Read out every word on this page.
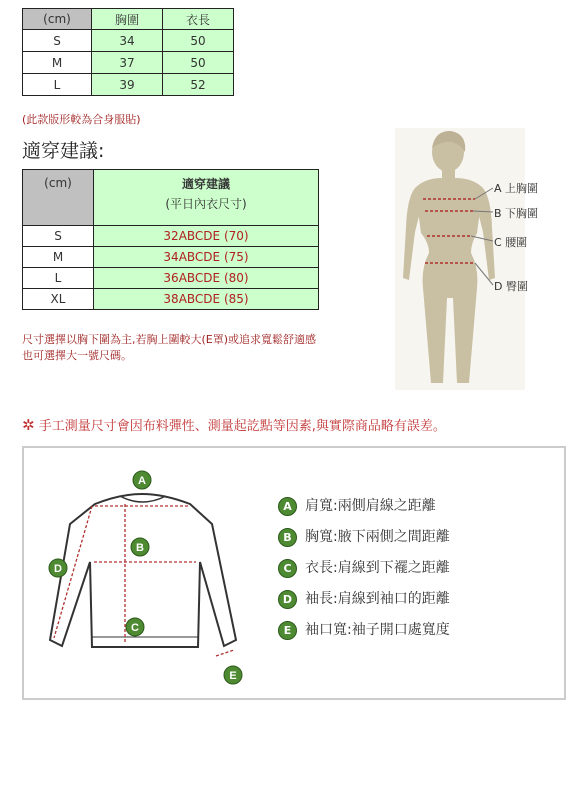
(cm)	胸圍	衣長
S	34	50
M	37	50
L	39	52
(此款版形較為合身服貼)
適穿建議:
(cm)	適穿建議
(平日內衣尺寸)

S	32ABCDE (70)
M	34ABCDE (75)
L	36ABCDE (80)
XL	38ABCDE (85)
尺寸選擇以胸下圍為主,若胸上圍較大(E罩)或追求寬鬆舒適感
也可選擇大一號尺碼。
A 上胸圍
B 下胸圍
C 腰圍
D 臀圍
✲ 手工測量尺寸會因布料彈性、測量起訖點等因素,與實際商品略有誤差。
A
B
C
D
E
A 肩寬:兩側肩線之距離
B 胸寬:腋下兩側之間距離
C 衣長:肩線到下襬之距離
D 袖長:肩線到袖口的距離
E 袖口寬:袖子開口處寬度
